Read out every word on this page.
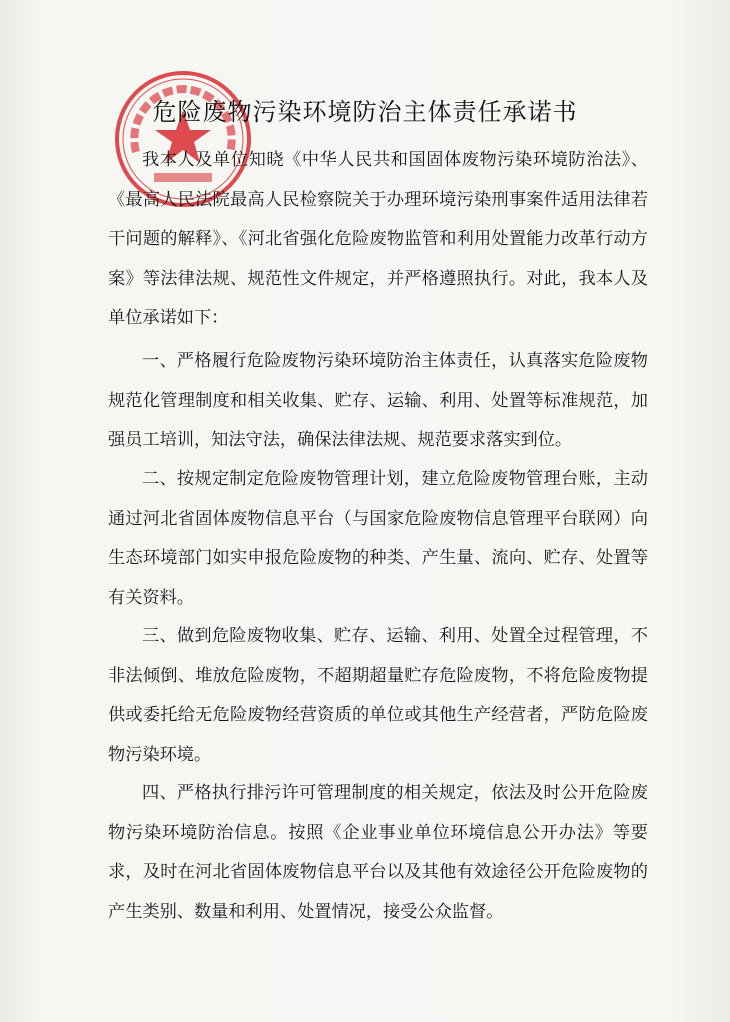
危险废物污染环境防治主体责任承诺书

我本人及单位知晓《中华人民共和国固体废物污染环境防治法》、《最高人民法院最高人民检察院关于办理环境污染刑事案件适用法律若干问题的解释》、《河北省强化危险废物监管和利用处置能力改革行动方案》等法律法规、规范性文件规定，并严格遵照执行。对此，我本人及单位承诺如下：

一、严格履行危险废物污染环境防治主体责任，认真落实危险废物规范化管理制度和相关收集、贮存、运输、利用、处置等标准规范，加强员工培训，知法守法，确保法律法规、规范要求落实到位。

二、按规定制定危险废物管理计划，建立危险废物管理台账，主动通过河北省固体废物信息平台（与国家危险废物信息管理平台联网）向生态环境部门如实申报危险废物的种类、产生量、流向、贮存、处置等有关资料。

三、做到危险废物收集、贮存、运输、利用、处置全过程管理，不非法倾倒、堆放危险废物，不超期超量贮存危险废物，不将危险废物提供或委托给无危险废物经营资质的单位或其他生产经营者，严防危险废物污染环境。

四、严格执行排污许可管理制度的相关规定，依法及时公开危险废物污染环境防治信息。按照《企业事业单位环境信息公开办法》等要求，及时在河北省固体废物信息平台以及其他有效途径公开危险废物的产生类别、数量和利用、处置情况，接受公众监督。
